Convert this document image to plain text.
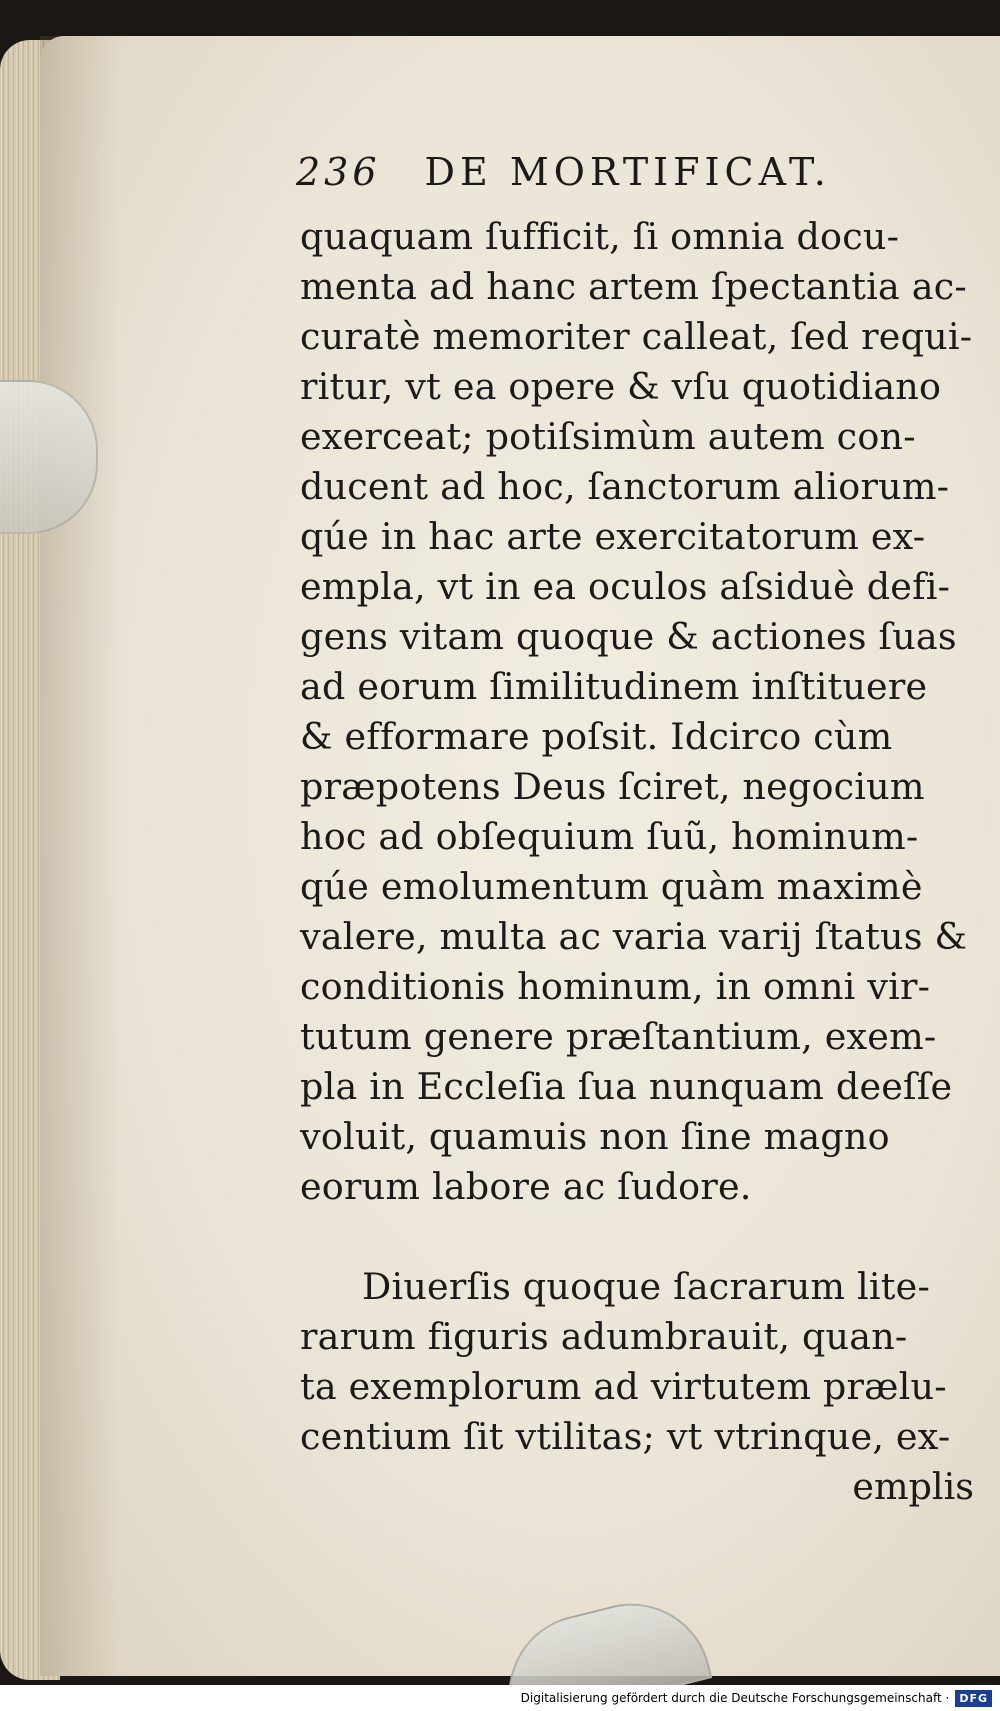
236 DE MORTIFICAT.
quaquam ſufficit, ſi omnia docu-
menta ad hanc artem ſpectantia ac-
curatè memoriter calleat, ſed requi-
ritur, vt ea opere & vſu quotidiano
exerceat; potiſsimùm autem con-
ducent ad hoc, ſanctorum aliorum-
qúe in hac arte exercitatorum ex-
empla, vt in ea oculos aſsiduè defi-
gens vitam quoque & actiones ſuas
ad eorum ſimilitudinem inſtituere
& efformare poſsit. Idcirco cùm
præpotens Deus ſciret, negocium
hoc ad obſequium ſuũ, hominum-
qúe emolumentum quàm maximè
valere, multa ac varia varij ſtatus &
conditionis hominum, in omni vir-
tutum genere præſtantium, exem-
pla in Eccleſia ſua nunquam deeſſe
voluit, quamuis non ſine magno
eorum labore ac ſudore.
Diuerſis quoque ſacrarum lite-
rarum figuris adumbrauit, quan-
ta exemplorum ad virtutem prælu-
centium ſit vtilitas; vt vtrinque, ex-
emplis
Digitalisierung gefördert durch die Deutsche Forschungsgemeinschaft · DFG
